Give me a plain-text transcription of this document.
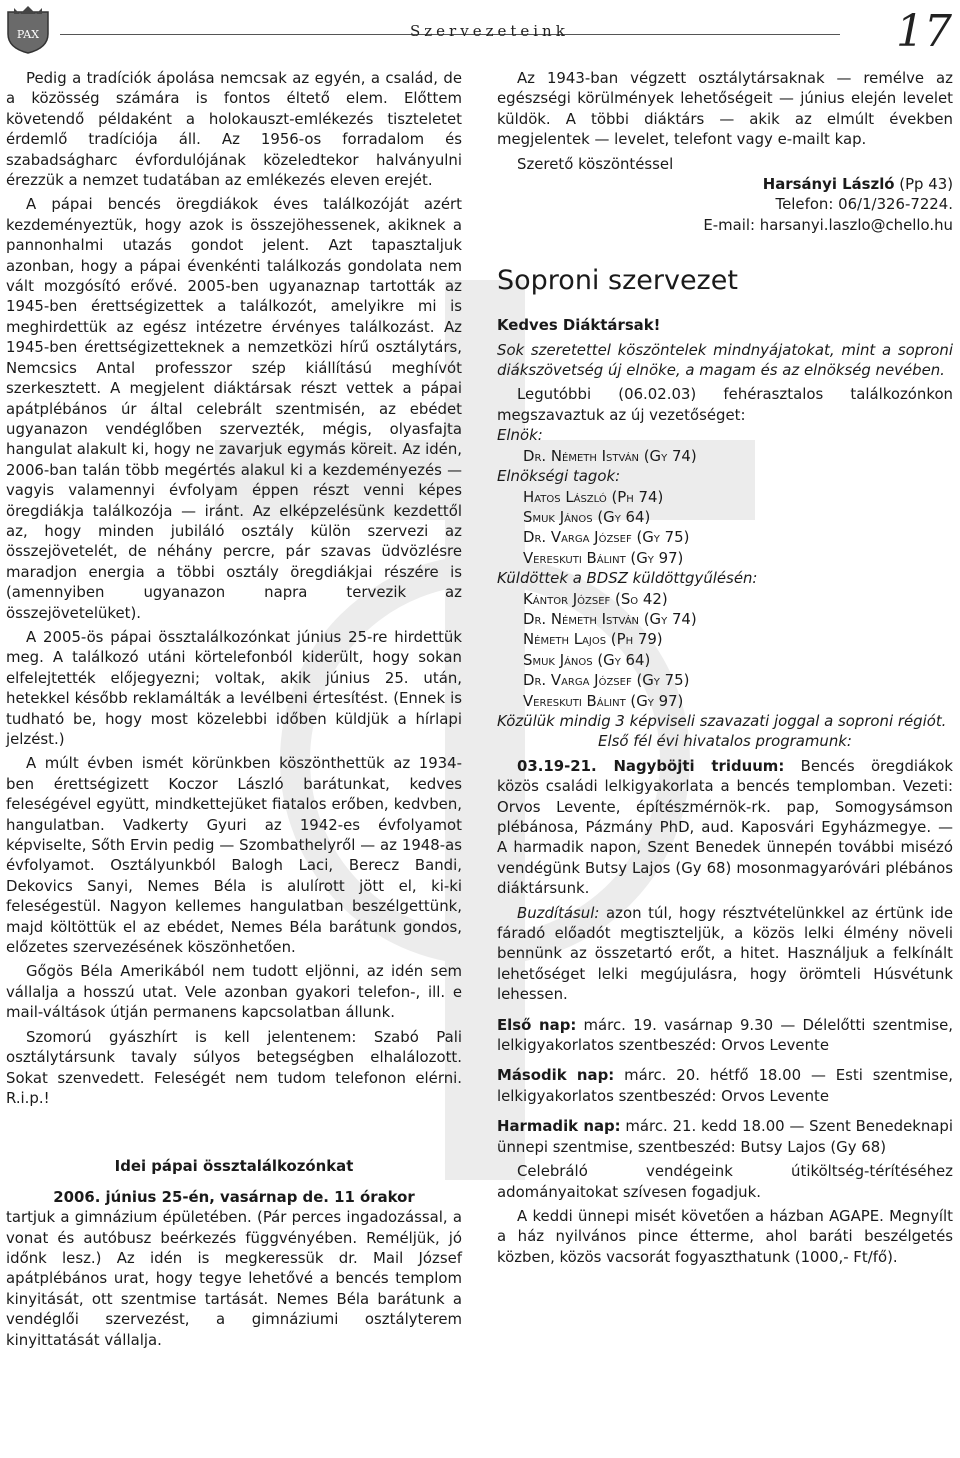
PAX	Szervezeteink	17

Pedig a tradíciók ápolása nemcsak az egyén, a család, de a közösség számára is fontos éltető elem. Előttem követendő példaként a holokauszt-emlékezés tiszteletet érdemlő tradíciója áll. Az 1956-os forradalom és szabadságharc évfordulójának közeledtekor halványulni érezzük a nemzet tudatában az emlékezés eleven erejét.

A pápai bencés öregdiákok éves találkozóját azért kezdeményeztük, hogy azok is összejöhessenek, akiknek a pannonhalmi utazás gondot jelent. Azt tapasztaljuk azonban, hogy a pápai évenkénti találkozás gondolata nem vált mozgósító erővé. 2005-ben ugyanaznap tartották az 1945-ben érettségizettek a találkozót, amelyikre mi is meghirdettük az egész intézetre érvényes találkozást. Az 1945-ben érettségizetteknek a nemzetközi hírű osztálytárs, Nemcsics Antal professzor szép kiállítású meghívót szerkesztett. A megjelent diáktársak részt vettek a pápai apátplébános úr által celebrált szentmisén, az ebédet ugyanazon vendéglőben szervezték, mégis, olyasfajta hangulat alakult ki, hogy ne zavarjuk egymás köreit. Az idén, 2006-ban talán több megértés alakul ki a kezdeményezés — vagyis valamennyi évfolyam éppen részt venni képes öregdiákja találkozója — iránt. Az elképzelésünk kezdettől az, hogy minden jubiláló osztály külön szervezi az összejövetelét, de néhány percre, pár szavas üdvözlésre maradjon energia a többi osztály öregdiákjai részére is (amennyiben ugyanazon napra tervezik az összejövetelüket).

A 2005-ös pápai össztalálkozónkat június 25-re hirdettük meg. A találkozó utáni körtelefonból kiderült, hogy sokan elfelejtették előjegyezni; voltak, akik június 25. után, hetekkel később reklamálták a levélbeni értesítést. (Ennek is tudható be, hogy most közelebbi időben küldjük a hírlapi jelzést.)

A múlt évben ismét körünkben köszönthettük az 1934-ben érettségizett Koczor László barátunkat, kedves feleségével együtt, mindkettejüket fiatalos erőben, kedvben, hangulatban. Vadkerty Gyuri az 1942-es évfolyamot képviselte, Sőth Ervin pedig — Szombathelyről — az 1948-as évfolyamot. Osztályunkból Balogh Laci, Berecz Bandi, Dekovics Sanyi, Nemes Béla is alulírott jött el, ki-ki feleségestül. Nagyon kellemes hangulatban beszélgettünk, majd költöttük el az ebédet, Nemes Béla barátunk gondos, előzetes szervezésének köszönhetően.

Gőgös Béla Amerikából nem tudott eljönni, az idén sem vállalja a hosszú utat. Vele azonban gyakori telefon-, ill. e mail-váltások útján permanens kapcsolatban állunk.

Szomorú gyászhírt is kell jelentenem: Szabó Pali osztálytársunk tavaly súlyos betegségben elhalálozott. Sokat szenvedett. Feleségét nem tudom telefonon elérni. R.i.p.!

Idei pápai össztalálkozónkat
2006. június 25-én, vasárnap de. 11 órakor

tartjuk a gimnázium épületében. (Pár perces ingadozással, a vonat és autóbusz beérkezés függvényében. Reméljük, jó időnk lesz.) Az idén is megkeressük dr. Mail József apátplébános urat, hogy tegye lehetővé a bencés templom kinyitását, ott szentmise tartását. Nemes Béla barátunk a vendéglői szervezést, a gimnáziumi osztályterem kinyittatását vállalja.

Az 1943-ban végzett osztálytársaknak — remélve az egészségi körülmények lehetőségeit — június elején levelet küldök. A többi diáktárs — akik az elmúlt években megjelentek — levelet, telefont vagy e-mailt kap.

Szerető köszöntéssel

Harsányi László (Pp 43)
Telefon: 06/1/326-7224.
E-mail: harsanyi.laszlo@chello.hu
Soproni szervezet
Kedves Diáktársak!

Sok szeretettel köszöntelek mindnyájatokat, mint a soproni diákszövetség új elnöke, a magam és az elnökség nevében.

Legutóbbi (06.02.03) fehérasztalos találkozónkon megszavaztuk az új vezetőséget:

Elnök:
Dr. Németh István (Gy 74)
Elnökségi tagok:
Hatos László (Ph 74)
Smuk János (Gy 64)
Dr. Varga József (Gy 75)
Vereskuti Bálint (Gy 97)
Küldöttek a BDSZ küldöttgyűlésén:
Kántor József (So 42)
Dr. Németh István (Gy 74)
Németh Lajos (Ph 79)
Smuk János (Gy 64)
Dr. Varga József (Gy 75)
Vereskuti Bálint (Gy 97)
Közülük mindig 3 képviseli szavazati joggal a soproni régiót.
Első fél évi hivatalos programunk:

03.19-21. Nagyböjti triduum: Bencés öregdiákok közös családi lelkigyakorlata a bencés templomban. Vezeti: Orvos Levente, építészmérnök-rk. pap, Somogysámson plébánosa, Pázmány PhD, aud. Kaposvári Egyházmegye. — A harmadik napon, Szent Benedek ünnepén további misézó vendégünk Butsy Lajos (Gy 68) mosonmagyaróvári plébános diáktársunk.

Buzdításul: azon túl, hogy résztvételünkkel az értünk ide fáradó előadót megtiszteljük, a közös lelki élmény növeli bennünk az összetartó erőt, a hitet. Használjuk a felkínált lehetőséget lelki megújulásra, hogy örömteli Húsvétunk lehessen.

Első nap: márc. 19. vasárnap 9.30 — Délelőtti szentmise, lelkigyakorlatos szentbeszéd: Orvos Levente

Második nap: márc. 20. hétfő 18.00 — Esti szentmise, lelkigyakorlatos szentbeszéd: Orvos Levente

Harmadik nap: márc. 21. kedd 18.00 — Szent Benedeknapi ünnepi szentmise, szentbeszéd: Butsy Lajos (Gy 68)

Celebráló vendégeink útiköltség-térítéséhez adományaitokat szívesen fogadjuk.

A keddi ünnepi misét követően a házban AGAPE. Megnyílt a ház nyilvános pince étterme, ahol baráti beszélgetés közben, közös vacsorát fogyaszthatunk (1000,- Ft/fő).
